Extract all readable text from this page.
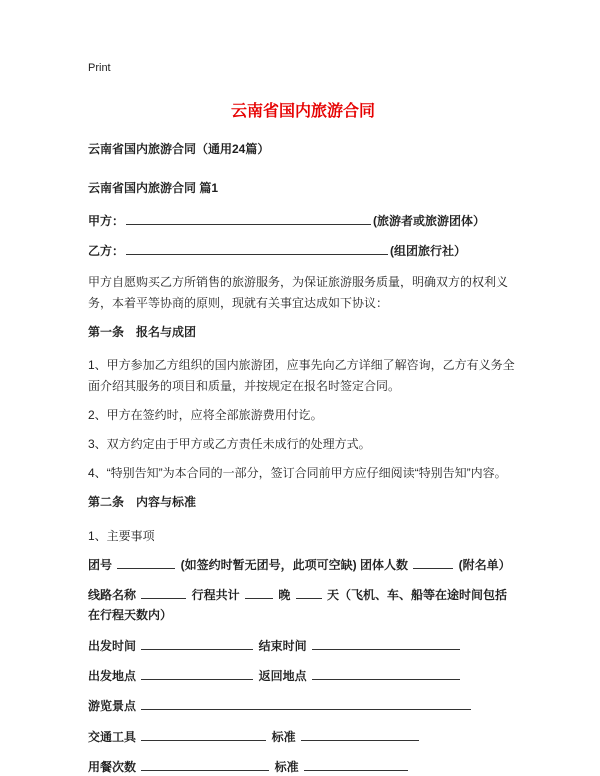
Print
云南省国内旅游合同
云南省国内旅游合同（通用24篇）
云南省国内旅游合同 篇1
甲方：	(旅游者或旅游团体）
乙方：	(组团旅行社）
甲方自愿购买乙方所销售的旅游服务，为保证旅游服务质量，明确双方的权利义务，本着平等协商的原则，现就有关事宜达成如下协议：
第一条　报名与成团
1、甲方参加乙方组织的国内旅游团，应事先向乙方详细了解咨询，乙方有义务全面介绍其服务的项目和质量，并按规定在报名时签定合同。
2、甲方在签约时，应将全部旅游费用付讫。
3、双方约定由于甲方或乙方责任未成行的处理方式。
4、“特别告知”为本合同的一部分，签订合同前甲方应仔细阅读“特别告知”内容。
第二条　内容与标准
1、主要事项
团号	(如签约时暂无团号，此项可空缺) 团体人数	(附名单）
线路名称	行程共计	晚	天（飞机、车、船等在途时间包括在行程天数内）
出发时间	结束时间
出发地点	返回地点
游览景点
交通工具	标准
用餐次数	标准
